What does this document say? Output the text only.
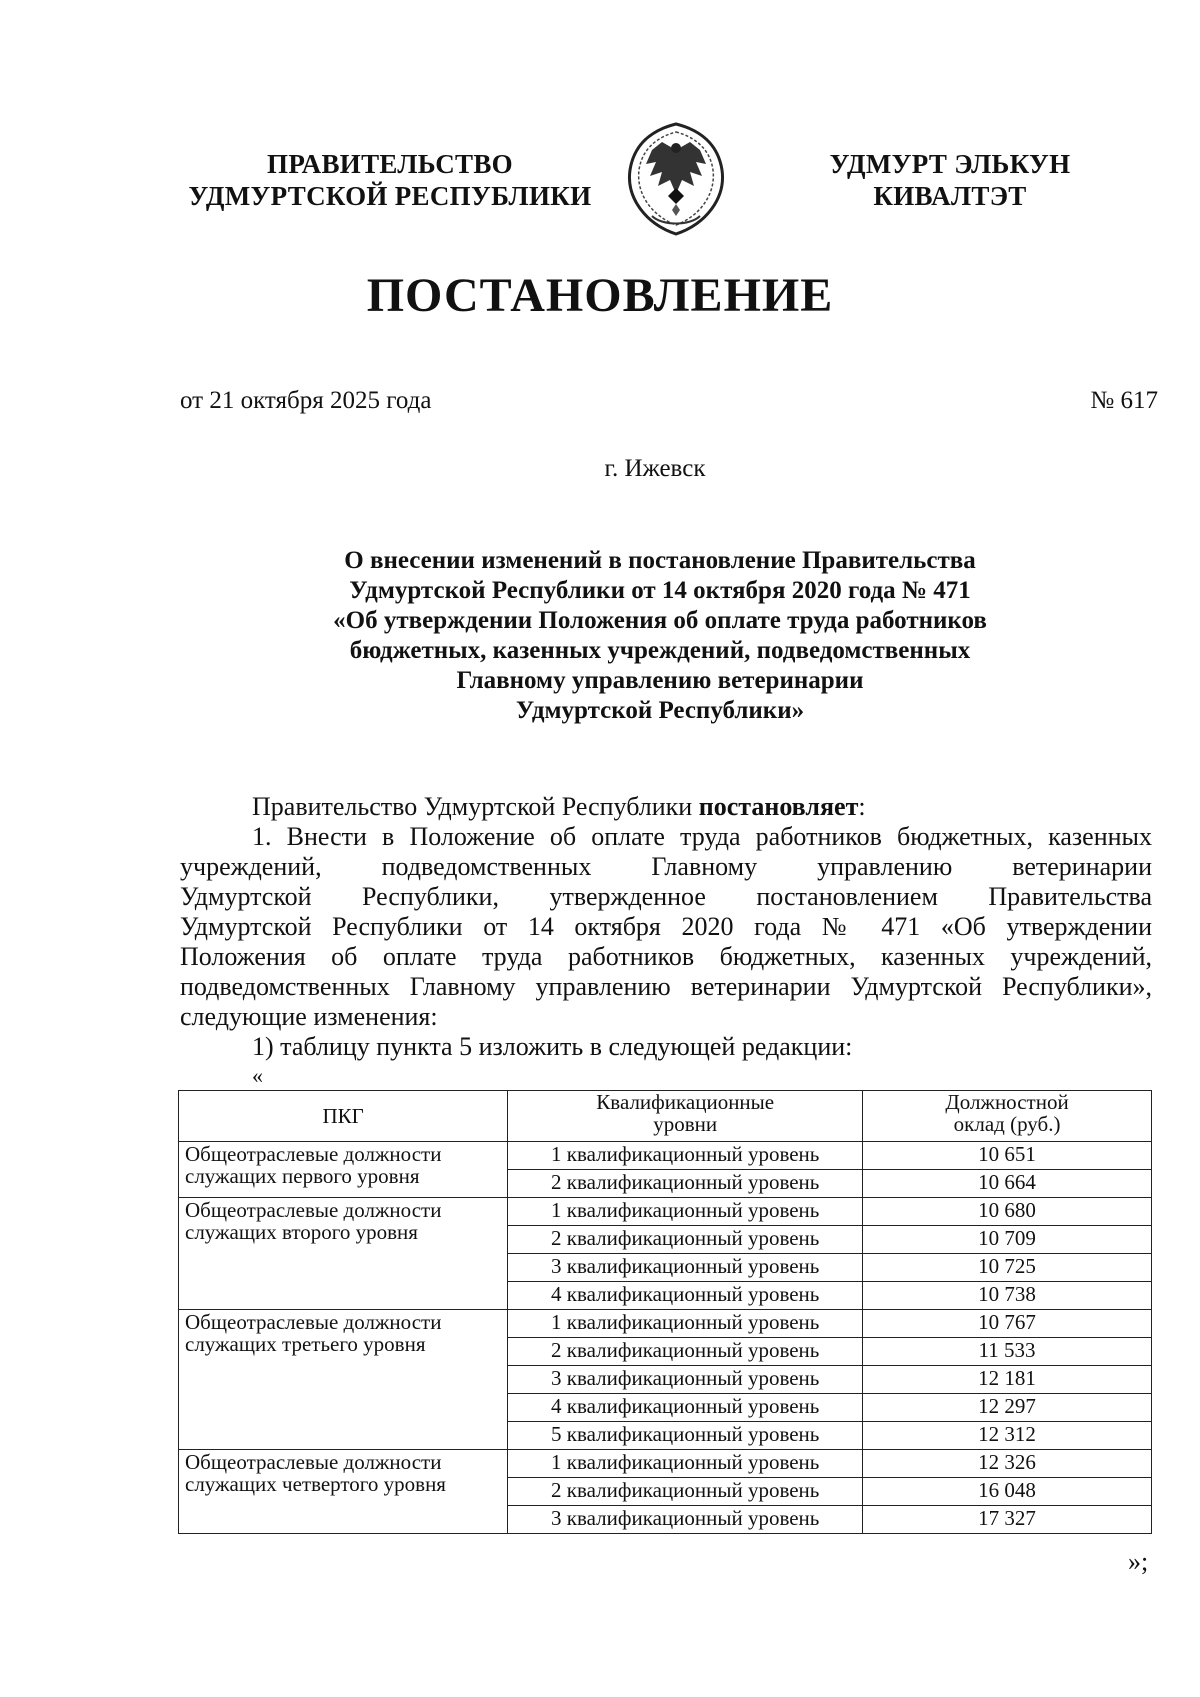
ПРАВИТЕЛЬСТВО
УДМУРТСКОЙ РЕСПУБЛИКИ
УДМУРТ ЭЛЬКУН
КИВАЛТЭТ
ПОСТАНОВЛЕНИЕ
от 21 октября 2025 года	№ 617
г. Ижевск
О внесении изменений в постановление Правительства
Удмуртской Республики от 14 октября 2020 года № 471
«Об утверждении Положения об оплате труда работников
бюджетных, казенных учреждений, подведомственных
Главному управлению ветеринарии
Удмуртской Республики»
Правительство Удмуртской Республики постановляет:
1. Внести в Положение об оплате труда работников бюджетных, казенных
учреждений, подведомственных Главному управлению ветеринарии
Удмуртской Республики, утвержденное постановлением Правительства
Удмуртской Республики от 14 октября 2020 года № 471 «Об утверждении
Положения об оплате труда работников бюджетных, казенных учреждений,
подведомственных Главному управлению ветеринарии Удмуртской Республики»,
следующие изменения:
1) таблицу пункта 5 изложить в следующей редакции:
«
ПКГ	Квалификационные уровни	Должностной оклад (руб.)
Общеотраслевые должности служащих первого уровня	1 квалификационный уровень	10 651
	2 квалификационный уровень	10 664
Общеотраслевые должности служащих второго уровня	1 квалификационный уровень	10 680
	2 квалификационный уровень	10 709
	3 квалификационный уровень	10 725
	4 квалификационный уровень	10 738
Общеотраслевые должности служащих третьего уровня	1 квалификационный уровень	10 767
	2 квалификационный уровень	11 533
	3 квалификационный уровень	12 181
	4 квалификационный уровень	12 297
	5 квалификационный уровень	12 312
Общеотраслевые должности служащих четвертого уровня	1 квалификационный уровень	12 326
	2 квалификационный уровень	16 048
	3 квалификационный уровень	17 327
»;
